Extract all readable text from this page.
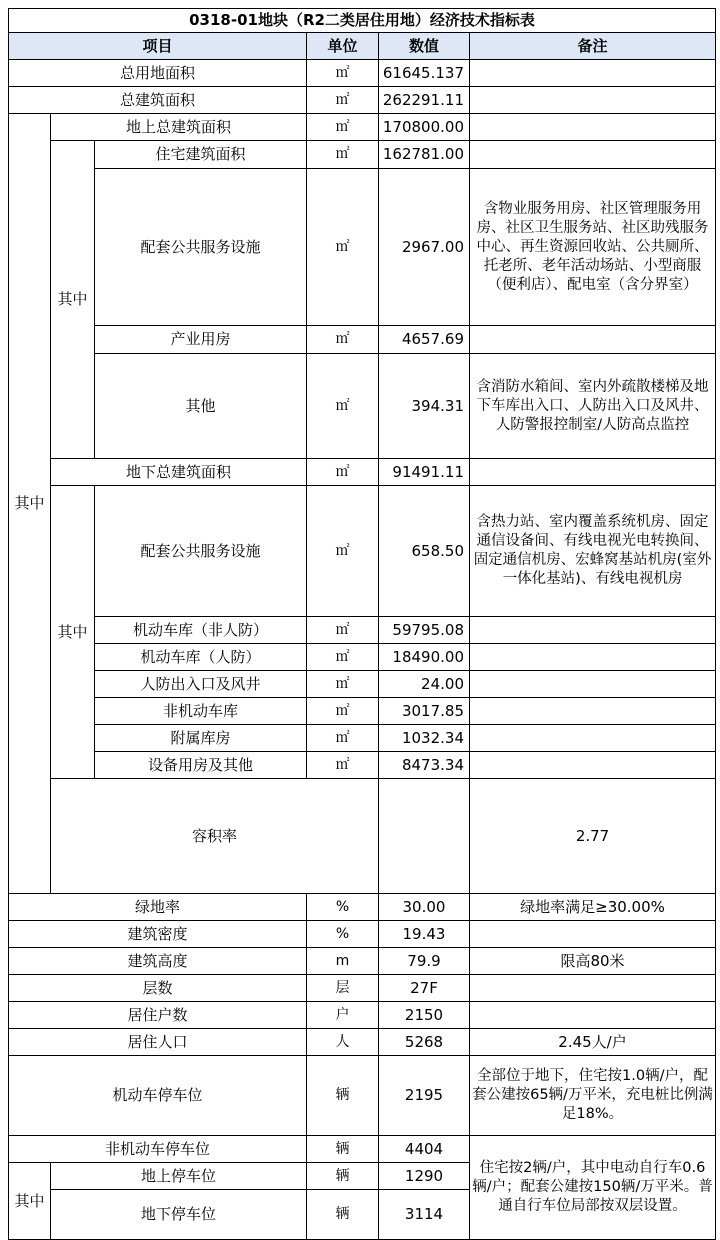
0318-01地块（R2二类居住用地）经济技术指标表						
项目			单位	数值	备注	
总用地面积			㎡	61645.137		
总建筑面积			㎡	262291.11		
其中	地上总建筑面积		㎡	170800.00		
	其中	住宅建筑面积	㎡	162781.00		
		配套公共服务设施	㎡	2967.00	含物业服务用房、社区管理服务用房、社区卫生服务站、社区助残服务中心、再生资源回收站、公共厕所、托老所、老年活动场站、小型商服（便利店）、配电室（含分界室）	
		产业用房	㎡	4657.69		
		其他	㎡	394.31	含消防水箱间、室内外疏散楼梯及地下车库出入口、人防出入口及风井、人防警报控制室/人防高点监控	
	地下总建筑面积		㎡	91491.11		
	其中	配套公共服务设施	㎡	658.50	含热力站、室内覆盖系统机房、固定通信设备间、有线电视光电转换间、固定通信机房、宏蜂窝基站机房(室外一体化基站)、有线电视机房	
		机动车库（非人防）	㎡	59795.08		
		机动车库（人防）	㎡	18490.00		
		人防出入口及风井	㎡	24.00		
		非机动车库	㎡	3017.85		
		附属库房	㎡	1032.34		
		设备用房及其他	㎡	8473.34		
	容积率				2.77	
绿地率			%	30.00	绿地率满足≥30.00%	
建筑密度			%	19.43		
建筑高度			m	79.9	限高80米	
层数			层	27F		
居住户数			户	2150		
居住人口			人	5268	2.45人/户	
机动车停车位			辆	2195	全部位于地下，住宅按1.0辆/户，配套公建按65辆/万平米，充电桩比例满足18%。	
非机动车停车位			辆	4404	住宅按2辆/户，其中电动自行车0.6辆/户；配套公建按150辆/万平米。普通自行车位局部按双层设置。	
其中	地上停车位		辆	1290		
	地下停车位		辆	3114		
